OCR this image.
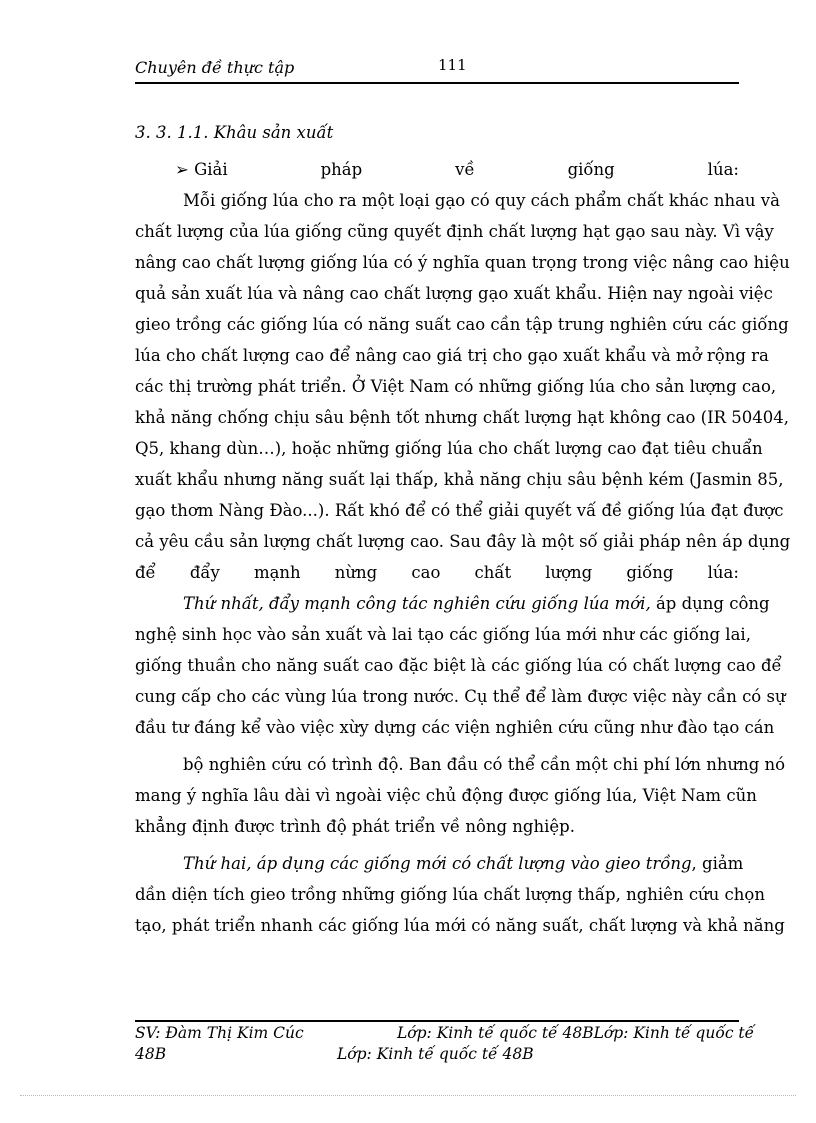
Chuyên đề thực tập	111
3. 3. 1.1. Khâu sản xuất
➢ Giải	pháp	về	giống	lúa:
Mỗi giống lúa cho ra một loại gạo có quy cách phẩm chất khác nhau và
chất lượng của lúa giống cũng quyết định chất lượng hạt gạo sau này. Vì vậy
nâng cao chất lượng giống lúa có ý nghĩa quan trọng trong việc nâng cao hiệu
quả sản xuất lúa và nâng cao chất lượng gạo xuất khẩu. Hiện nay ngoài việc
gieo trồng các giống lúa có năng suất cao cần tập trung nghiên cứu các giống
lúa cho chất lượng cao để nâng cao giá trị cho gạo xuất khẩu và mở rộng ra
các thị trường phát triển. Ở Việt Nam có những giống lúa cho sản lượng cao,
khả năng chống chịu sâu bệnh tốt nhưng chất lượng hạt không cao (IR 50404,
Q5, khang dùn…), hoặc những giống lúa cho chất lượng cao đạt tiêu chuẩn
xuất khẩu nhưng năng suất lại thấp, khả năng chịu sâu bệnh kém (Jasmin 85,
gạo thơm Nàng Đào...). Rất khó để có thể giải quyết vấ đề giống lúa đạt được
cả yêu cầu sản lượng chất lượng cao. Sau đây là một số giải pháp nên áp dụng
để đẩy mạnh nừng cao chất lượng giống lúa:
Thứ nhất, đẩy mạnh công tác nghiên cứu giống lúa mới, áp dụng công
nghệ sinh học vào sản xuất và lai tạo các giống lúa mới như các giống lai,
giống thuần cho năng suất cao đặc biệt là các giống lúa có chất lượng cao để
cung cấp cho các vùng lúa trong nước. Cụ thể để làm được việc này cần có sự
đầu tư đáng kể vào việc xừy dựng các viện nghiên cứu cũng như đào tạo cán
bộ nghiên cứu có trình độ. Ban đầu có thể cần một chi phí lớn nhưng nó
mang ý nghĩa lâu dài vì ngoài việc chủ động được giống lúa, Việt Nam cũn
khẳng định được trình độ phát triển về nông nghiệp.
Thứ hai, áp dụng các giống mới có chất lượng vào gieo trồng, giảm
dần diện tích gieo trồng những giống lúa chất lượng thấp, nghiên cứu chọn
tạo, phát triển nhanh các giống lúa mới có năng suất, chất lượng và khả năng
SV: Đàm Thị Kim Cúc	Lớp: Kinh tế quốc tế 48BLớp: Kinh tế quốc tế
48B	Lớp: Kinh tế quốc tế 48B
